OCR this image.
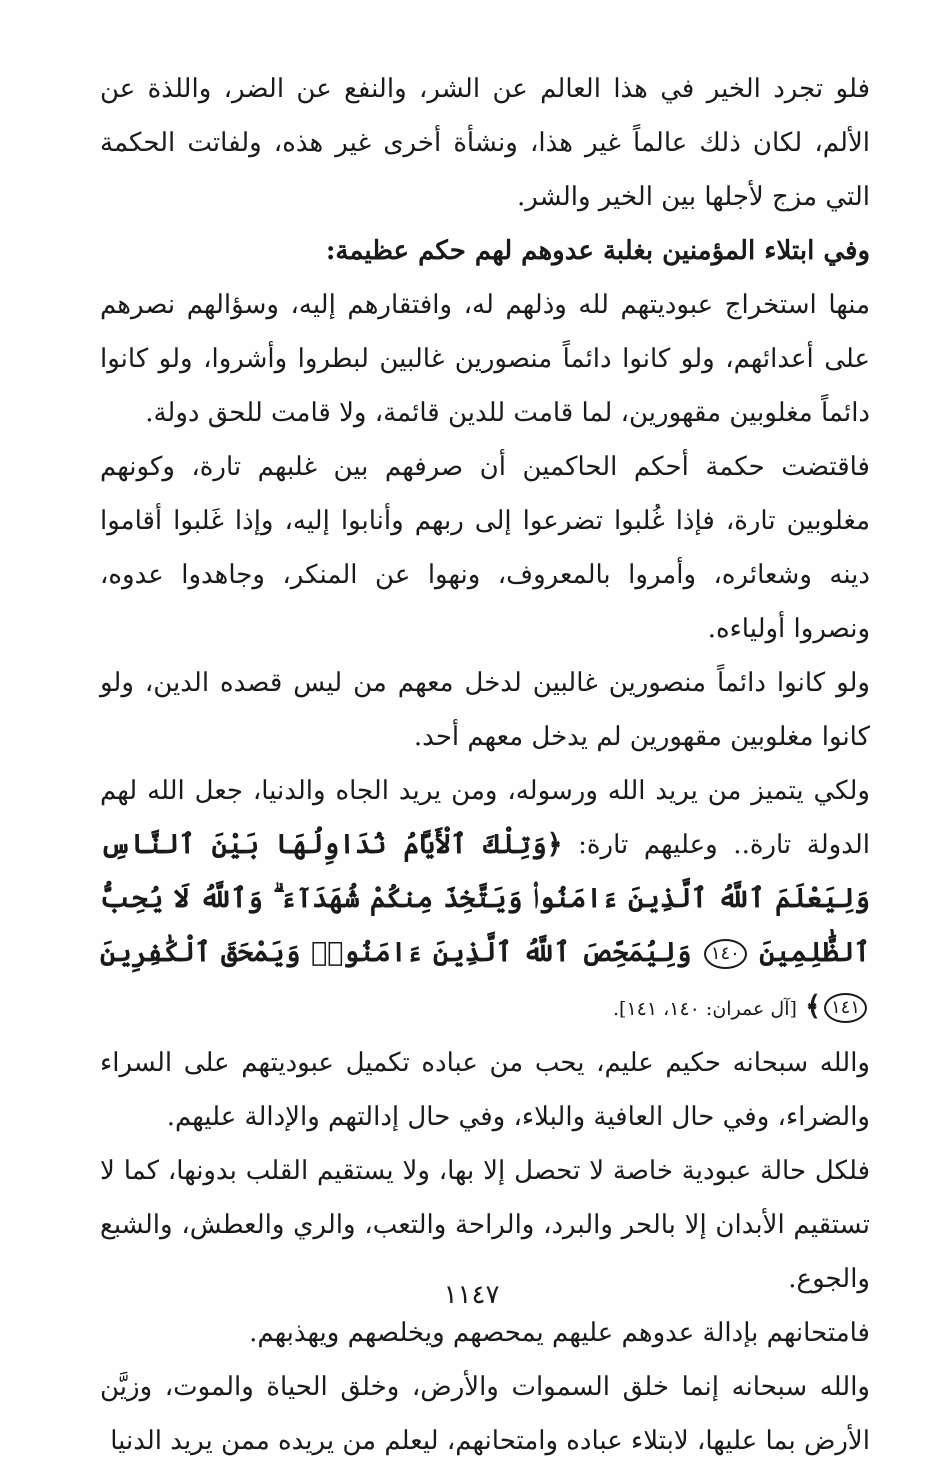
فلو تجرد الخير في هذا العالم عن الشر، والنفع عن الضر، واللذة عن الألم، لكان ذلك عالماً غير هذا، ونشأة أخرى غير هذه، ولفاتت الحكمة التي مزج لأجلها بين الخير والشر.

وفي ابتلاء المؤمنين بغلبة عدوهم لهم حكم عظيمة:

منها استخراج عبوديتهم لله وذلهم له، وافتقارهم إليه، وسؤالهم نصرهم على أعدائهم، ولو كانوا دائماً منصورين غالبين لبطروا وأشروا، ولو كانوا دائماً مغلوبين مقهورين، لما قامت للدين قائمة، ولا قامت للحق دولة.

فاقتضت حكمة أحكم الحاكمين أن صرفهم بين غلبهم تارة، وكونهم مغلوبين تارة، فإذا غُلبوا تضرعوا إلى ربهم وأنابوا إليه، وإذا غَلبوا أقاموا دينه وشعائره، وأمروا بالمعروف، ونهوا عن المنكر، وجاهدوا عدوه، ونصروا أولياءه.

ولو كانوا دائماً منصورين غالبين لدخل معهم من ليس قصده الدين، ولو كانوا مغلوبين مقهورين لم يدخل معهم أحد.

ولكي يتميز من يريد الله ورسوله، ومن يريد الجاه والدنيا، جعل الله لهم الدولة تارة.. وعليهم تارة: ﴿وَتِلْكَ ٱلْأَيَّامُ نُدَاوِلُهَا بَيْنَ ٱلنَّاسِ وَلِيَعْلَمَ ٱللَّهُ ٱلَّذِينَ ءَامَنُوا۟ وَيَتَّخِذَ مِنكُمْ شُهَدَآءَ ۗ وَٱللَّهُ لَا يُحِبُّ ٱلظَّٰلِمِينَ ١٤٠ وَلِيُمَحِّصَ ٱللَّهُ ٱلَّذِينَ ءَامَنُوا۟ وَيَمْحَقَ ٱلْكَٰفِرِينَ ١٤١﴾ [آل عمران: ١٤٠، ١٤١].

والله سبحانه حكيم عليم، يحب من عباده تكميل عبوديتهم على السراء والضراء، وفي حال العافية والبلاء، وفي حال إدالتهم والإدالة عليهم.

فلكل حالة عبودية خاصة لا تحصل إلا بها، ولا يستقيم القلب بدونها، كما لا تستقيم الأبدان إلا بالحر والبرد، والراحة والتعب، والري والعطش، والشبع والجوع.

فامتحانهم بإدالة عدوهم عليهم يمحصهم ويخلصهم ويهذبهم.

والله سبحانه إنما خلق السموات والأرض، وخلق الحياة والموت، وزيَّن الأرض بما عليها، لابتلاء عباده وامتحانهم، ليعلم من يريده ممن يريد الدنيا

١١٤٧
